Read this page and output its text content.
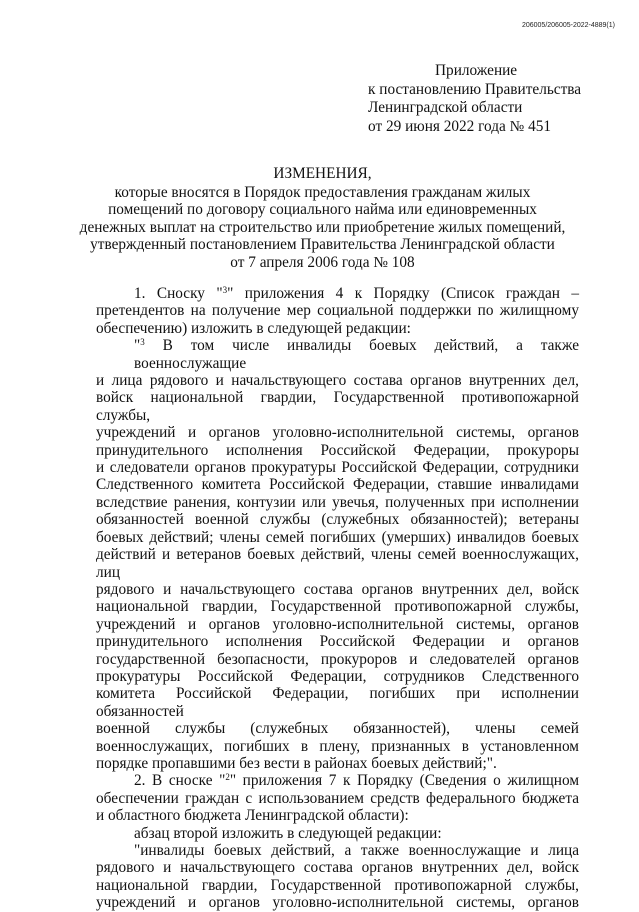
206005/206005-2022-4889(1)
Приложение
к постановлению Правительства
Ленинградской области
от 29 июня 2022 года № 451
ИЗМЕНЕНИЯ,
которые вносятся в Порядок предоставления гражданам жилых
помещений по договору социального найма или единовременных
денежных выплат на строительство или приобретение жилых помещений,
утвержденный постановлением Правительства Ленинградской области
от 7 апреля 2006 года № 108
1. Сноску "$^3$" приложения 4 к Порядку (Список граждан –
претендентов на получение мер социальной поддержки по жилищному
обеспечению) изложить в следующей редакции:
"$^3$ В том числе инвалиды боевых действий, а также военнослужащие
и лица рядового и начальствующего состава органов внутренних дел,
войск национальной гвардии, Государственной противопожарной службы,
учреждений и органов уголовно-исполнительной системы, органов
принудительного исполнения Российской Федерации, прокуроры
и следователи органов прокуратуры Российской Федерации, сотрудники
Следственного комитета Российской Федерации, ставшие инвалидами
вследствие ранения, контузии или увечья, полученных при исполнении
обязанностей военной службы (служебных обязанностей); ветераны
боевых действий; члены семей погибших (умерших) инвалидов боевых
действий и ветеранов боевых действий, члены семей военнослужащих, лиц
рядового и начальствующего состава органов внутренних дел, войск
национальной гвардии, Государственной противопожарной службы,
учреждений и органов уголовно-исполнительной системы, органов
принудительного исполнения Российской Федерации и органов
государственной безопасности, прокуроров и следователей органов
прокуратуры Российской Федерации, сотрудников Следственного
комитета Российской Федерации, погибших при исполнении обязанностей
военной службы (служебных обязанностей), члены семей
военнослужащих, погибших в плену, признанных в установленном
порядке пропавшими без вести в районах боевых действий;".
2. В сноске "$^2$" приложения 7 к Порядку (Сведения о жилищном
обеспечении граждан с использованием средств федерального бюджета
и областного бюджета Ленинградской области):
абзац второй изложить в следующей редакции:
"инвалиды боевых действий, а также военнослужащие и лица
рядового и начальствующего состава органов внутренних дел, войск
национальной гвардии, Государственной противопожарной службы,
учреждений и органов уголовно-исполнительной системы, органов
